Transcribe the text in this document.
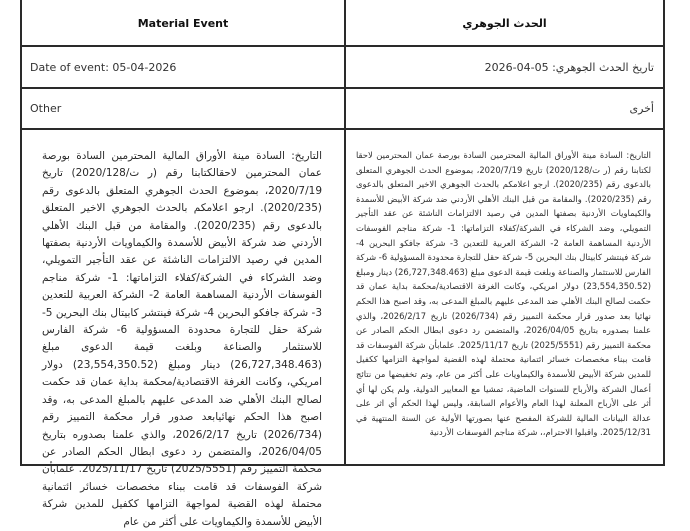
Material Event
Date of event: 05-04-2026
Other
التاريخ: السادة مينة الأوراق المالية المحترمين السادة بورصة عمان المحترمين لاحقالكتابنا رقم (ر ت/2020/128) تاريخ 2020/7/19، بموضوع الحدث الجوهري المتعلق بالدعوى رقم (2020/235). ارجو اعلامكم بالحدث الجوهري الاخير المتعلق بالدعوى رقم (2020/235). والمقامة من قبل البنك الأهلي الأردني ضد شركة الأبيض للأسمدة والكيماويات الأردنية بصفتها المدين في رصيد الالتزامات الناشئة عن عقد التأجير التمويلي، وضد الشركاء في الشركة/كفلاء التزاماتها: 1- شركة مناجم الفوسفات الأردنية المساهمة العامة 2- الشركة العربية للتعدين 3- شركة جافكو البحرين 4- شركة فينتشر كابيتال بنك البحرين 5- شركة حقل للتجارة محدودة المسؤولية 6- شركة الفارس للاستثمار والصناعة وبلغت قيمة الدعوى مبلغ (26,727,348.463) دينار ومبلغ (23,554,350.52) دولار امريكي، وكانت الغرفة الاقتصادية/محكمة بداية عمان قد حكمت لصالح البنك الأهلي ضد المدعى عليهم بالمبلغ المدعى به، وقد اصبح هذا الحكم نهائيابعد صدور قرار محكمة التمييز رقم (2026/734) تاريخ 2026/2/17، والذي علمنا بصدوره بتاريخ 2026/04/05، والمتضمن رد دعوى ابطال الحكم الصادر عن محكمة التمييز رقم (2025/5551) تاريخ 2025/11/17. علمابأن شركة الفوسفات قد قامت ببناء مخصصات خسائر ائتمانية محتملة لهذه القضية لمواجهة التزامها ككفيل للمدين شركة الأبيض للأسمدة والكيماويات على أكثر من عام
الحدث الجوهري
تاريخ الحدث الجوهري: 05-04-2026
أخرى
التاريخ: السادة مينة الأوراق المالية المحترمين السادة بورصة عمان المحترمين لاحقا لكتابنا رقم (ر ت/2020/128) تاريخ 2020/7/19، بموضوع الحدث الجوهري المتعلق بالدعوى رقم (2020/235). ارجو اعلامكم بالحدث الجوهري الاخير المتعلق بالدعوى رقم (2020/235). والمقامة من قبل البنك الأهلي الأردني ضد شركة الأبيض للأسمدة والكيماويات الأردنية بصفتها المدين في رصيد الالتزامات الناشئة عن عقد التأجير التمويلي، وضد الشركاء في الشركة/كفلاء التزاماتها: 1- شركة مناجم الفوسفات الأردنية المساهمة العامة 2- الشركة العربية للتعدين 3- شركة جافكو البحرين 4- شركة فينتشر كابيتال بنك البحرين 5- شركة حقل للتجارة محدودة المسؤولية 6- شركة الفارس للاستثمار والصناعة وبلغت قيمة الدعوى مبلغ (26,727,348.463) دينار ومبلغ (23,554,350.52) دولار امريكي، وكانت الغرفة الاقتصادية/محكمة بداية عمان قد حكمت لصالح البنك الأهلي ضد المدعى عليهم بالمبلغ المدعى به، وقد اصبح هذا الحكم نهائيا بعد صدور قرار محكمة التمييز رقم (2026/734) تاريخ 2026/2/17، والذي علمنا بصدوره بتاريخ 2026/04/05، والمتضمن رد دعوى ابطال الحكم الصادر عن محكمة التمييز رقم (2025/5551) تاريخ 2025/11/17. علمابأن شركة الفوسفات قد قامت ببناء مخصصات خسائر ائتمانية محتملة لهذه القضية لمواجهة التزامها ككفيل للمدين شركة الأبيض للأسمدة والكيماويات على أكثر من عام، وتم تخفيضها من نتائج أعمال الشركة والأرباح للسنوات الماضية، تمشيا مع المعايير الدولية، ولم يكن لها أي أثر على الأرباح المعلنة لهذا العام والأعوام السابقة، وليس لهذا الحكم أي اثر على عدالة البيانات المالية للشركة المفصح عنها بصورتها الأولية عن السنة المنتهية في 2025/12/31. واقبلوا الاحترام،، شركة مناجم الفوسفات الأردنية
